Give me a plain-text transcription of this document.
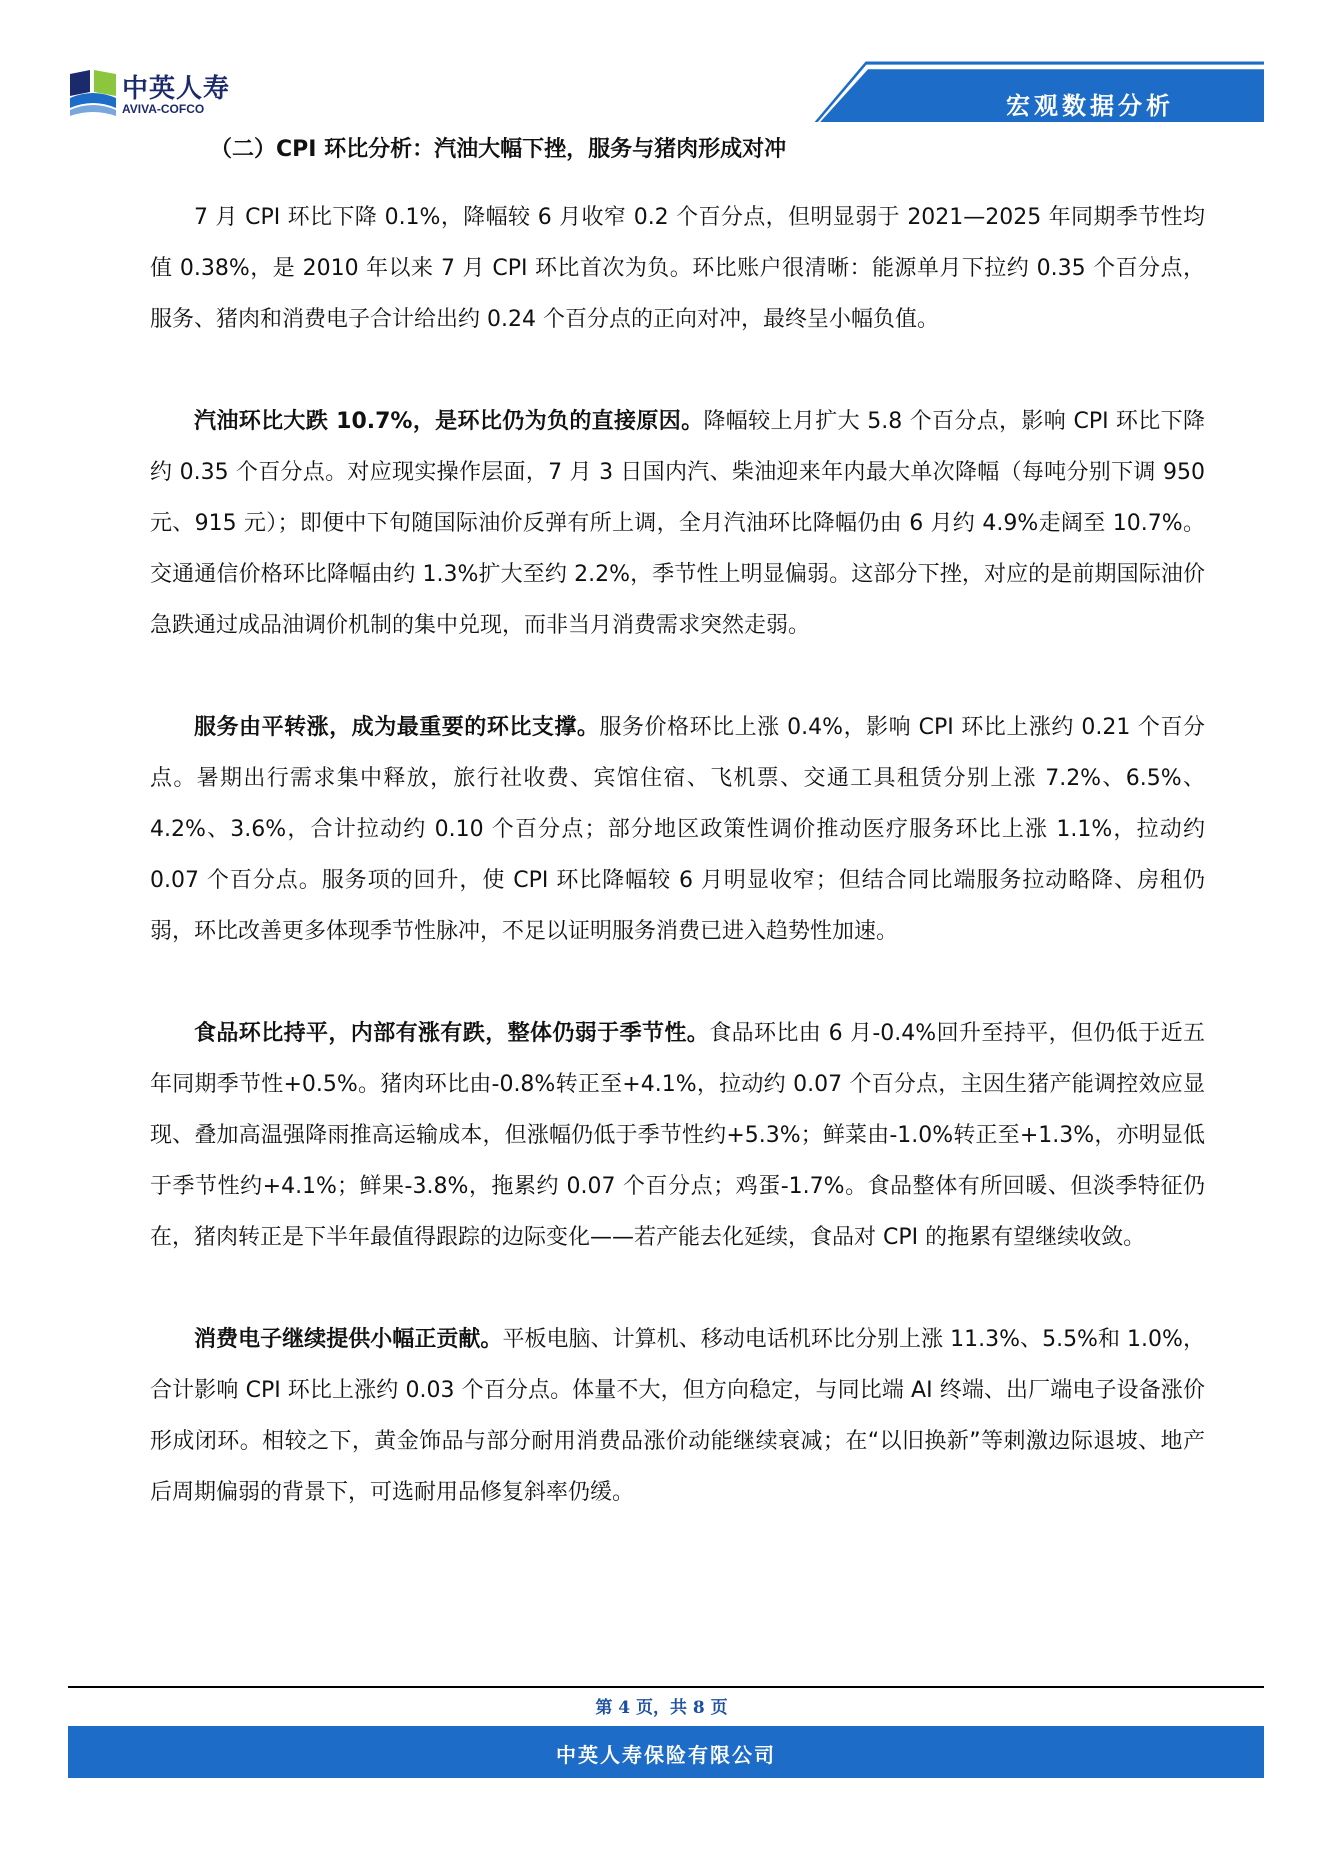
中英人寿
AVIVA-COFCO	宏观数据分析
（二）CPI 环比分析：汽油大幅下挫，服务与猪肉形成对冲

7 月 CPI 环比下降 0.1%，降幅较 6 月收窄 0.2 个百分点，但明显弱于 2021—2025 年同期季节性均值 0.38%，是 2010 年以来 7 月 CPI 环比首次为负。环比账户很清晰：能源单月下拉约 0.35 个百分点，服务、猪肉和消费电子合计给出约 0.24 个百分点的正向对冲，最终呈小幅负值。

汽油环比大跌 10.7%，是环比仍为负的直接原因。降幅较上月扩大 5.8 个百分点，影响 CPI 环比下降约 0.35 个百分点。对应现实操作层面，7 月 3 日国内汽、柴油迎来年内最大单次降幅（每吨分别下调 950 元、915 元）；即便中下旬随国际油价反弹有所上调，全月汽油环比降幅仍由 6 月约 4.9%走阔至 10.7%。交通通信价格环比降幅由约 1.3%扩大至约 2.2%，季节性上明显偏弱。这部分下挫，对应的是前期国际油价急跌通过成品油调价机制的集中兑现，而非当月消费需求突然走弱。

服务由平转涨，成为最重要的环比支撑。服务价格环比上涨 0.4%，影响 CPI 环比上涨约 0.21 个百分点。暑期出行需求集中释放，旅行社收费、宾馆住宿、飞机票、交通工具租赁分别上涨 7.2%、6.5%、4.2%、3.6%，合计拉动约 0.10 个百分点；部分地区政策性调价推动医疗服务环比上涨 1.1%，拉动约 0.07 个百分点。服务项的回升，使 CPI 环比降幅较 6 月明显收窄；但结合同比端服务拉动略降、房租仍弱，环比改善更多体现季节性脉冲，不足以证明服务消费已进入趋势性加速。

食品环比持平，内部有涨有跌，整体仍弱于季节性。食品环比由 6 月-0.4%回升至持平，但仍低于近五年同期季节性+0.5%。猪肉环比由-0.8%转正至+4.1%，拉动约 0.07 个百分点，主因生猪产能调控效应显现、叠加高温强降雨推高运输成本，但涨幅仍低于季节性约+5.3%；鲜菜由-1.0%转正至+1.3%，亦明显低于季节性约+4.1%；鲜果-3.8%，拖累约 0.07 个百分点；鸡蛋-1.7%。食品整体有所回暖、但淡季特征仍在，猪肉转正是下半年最值得跟踪的边际变化——若产能去化延续，食品对 CPI 的拖累有望继续收敛。

消费电子继续提供小幅正贡献。平板电脑、计算机、移动电话机环比分别上涨 11.3%、5.5%和 1.0%，合计影响 CPI 环比上涨约 0.03 个百分点。体量不大，但方向稳定，与同比端 AI 终端、出厂端电子设备涨价形成闭环。相较之下，黄金饰品与部分耐用消费品涨价动能继续衰减；在“以旧换新”等刺激边际退坡、地产后周期偏弱的背景下，可选耐用品修复斜率仍缓。

第 4 页，共 8 页
中英人寿保险有限公司
